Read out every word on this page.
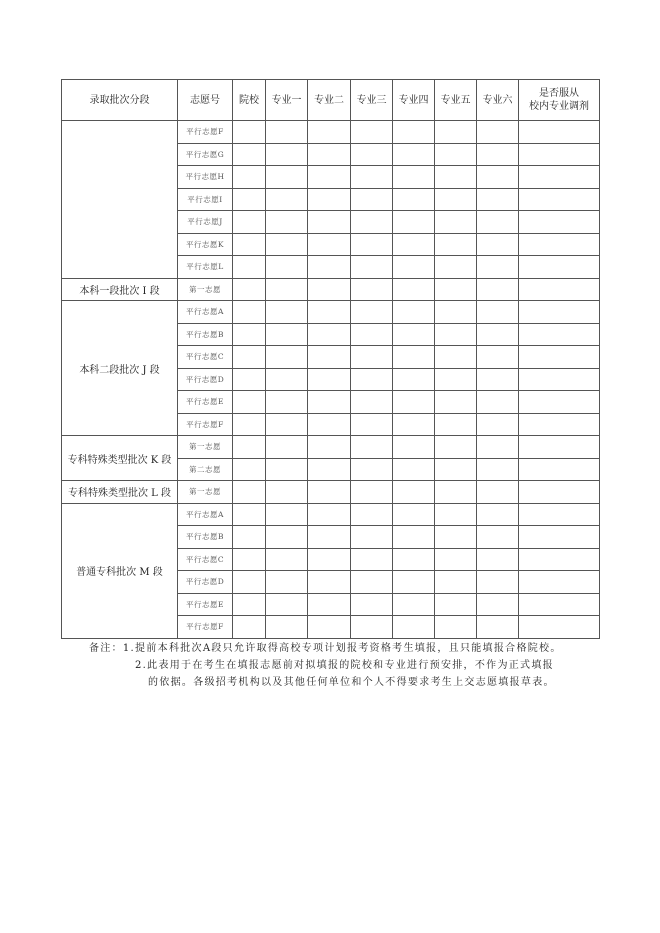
录取批次分段	志愿号	院校	专业一	专业二	专业三	专业四	专业五	专业六	是否服从
校内专业调剂
	平行志愿F								
	平行志愿G								
	平行志愿H								
	平行志愿I								
	平行志愿J								
	平行志愿K								
	平行志愿L								
本科一段批次 I 段	第一志愿								
本科二段批次 J 段	平行志愿A								
	平行志愿B								
	平行志愿C								
	平行志愿D								
	平行志愿E								
	平行志愿F								
专科特殊类型批次 K 段	第一志愿								
	第二志愿								
专科特殊类型批次 L 段	第一志愿								
普通专科批次 M 段	平行志愿A								
	平行志愿B								
	平行志愿C								
	平行志愿D								
	平行志愿E								
	平行志愿F								

备注：1.提前本科批次A段只允许取得高校专项计划报考资格考生填报，且只能填报合格院校。

2.此表用于在考生在填报志愿前对拟填报的院校和专业进行预安排，不作为正式填报
的依据。各级招考机构以及其他任何单位和个人不得要求考生上交志愿填报草表。
